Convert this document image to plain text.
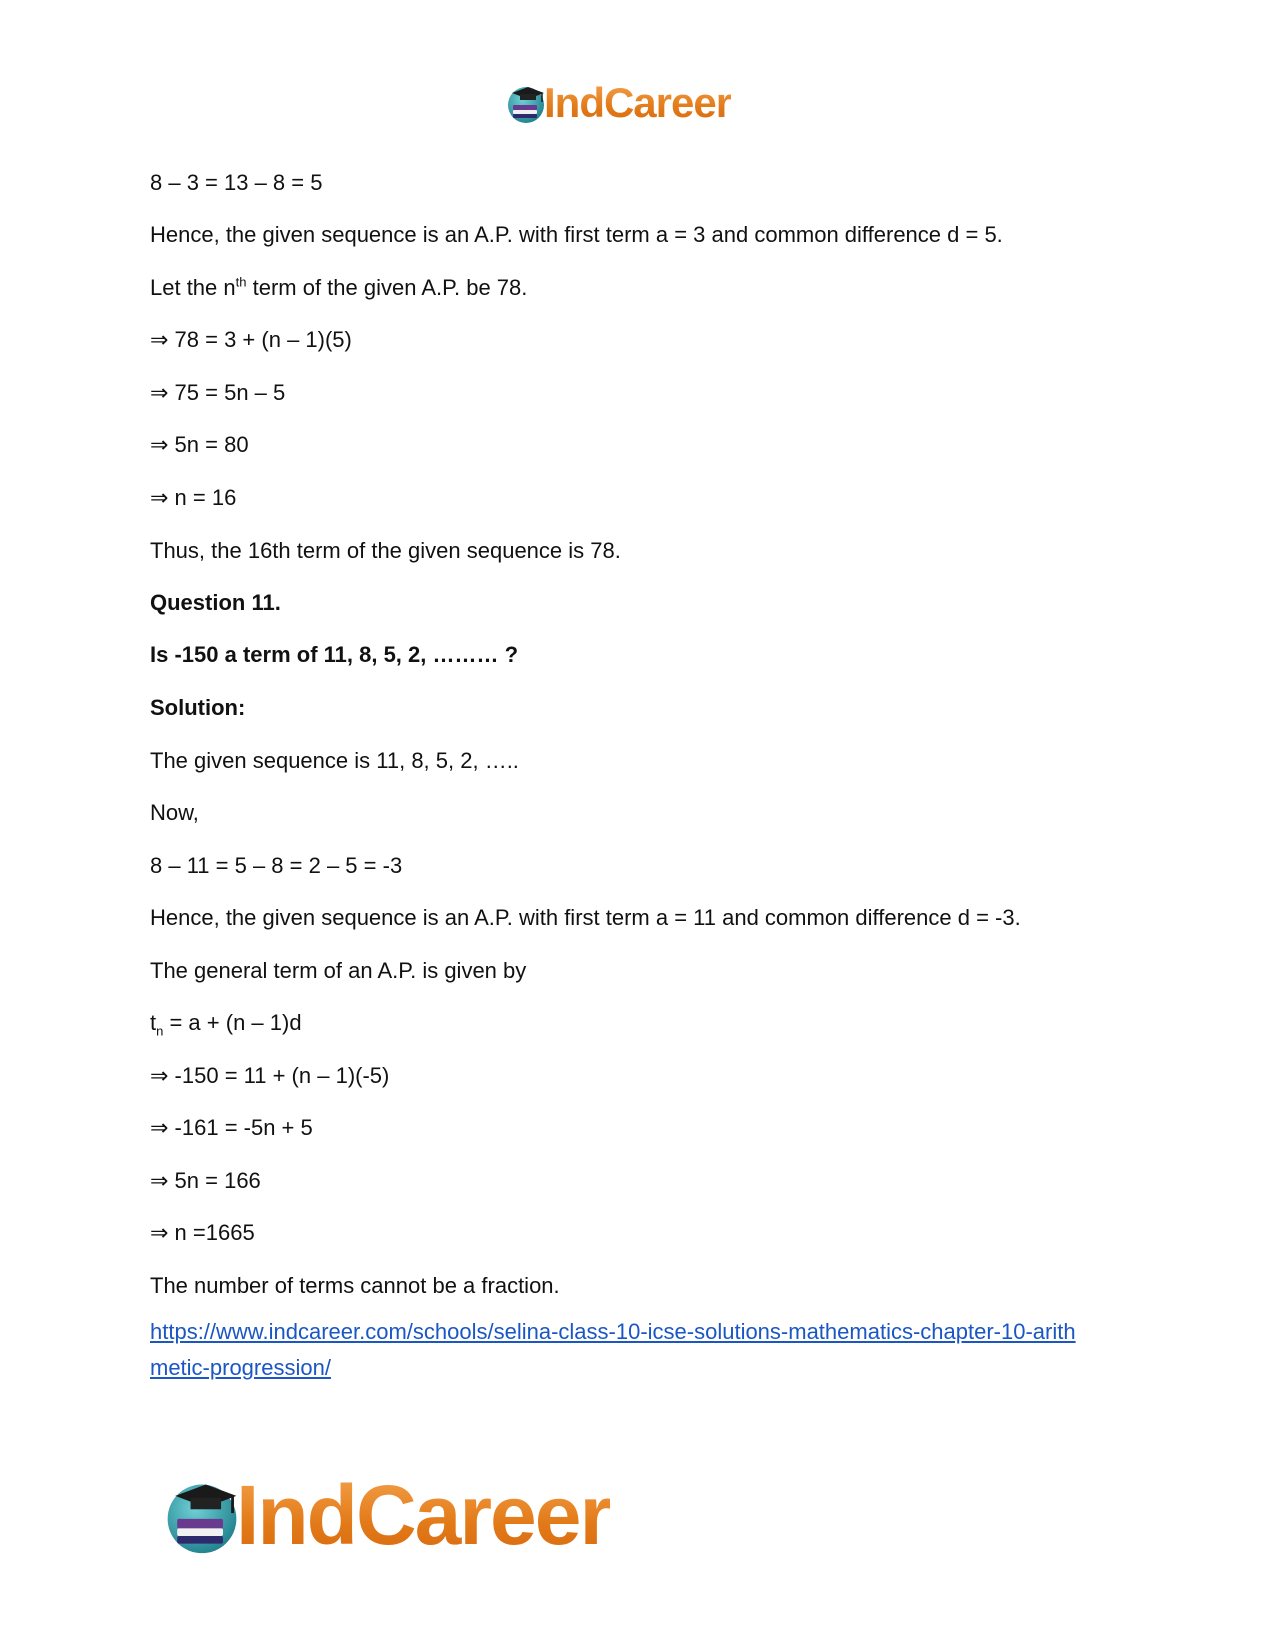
IndCareer
8 – 3 = 13 – 8 = 5
Hence, the given sequence is an A.P. with first term a = 3 and common difference d = 5.
Let the $n^{th}$ term of the given A.P. be 78.
⇒ 78 = 3 + (n – 1)(5)
⇒ 75 = 5n – 5
⇒ 5n = 80
⇒ n = 16
Thus, the 16th term of the given sequence is 78.
Question 11.
Is -150 a term of 11, 8, 5, 2, ……… ?
Solution:
The given sequence is 11, 8, 5, 2, …..
Now,
8 – 11 = 5 – 8 = 2 – 5 = -3
Hence, the given sequence is an A.P. with first term a = 11 and common difference d = -3.
The general term of an A.P. is given by
$t_n = a + (n - 1)d$
⇒ -150 = 11 + (n – 1)(-5)
⇒ -161 = -5n + 5
⇒ 5n = 166
⇒ n =1665
The number of terms cannot be a fraction.
https://www.indcareer.com/schools/selina-class-10-icse-solutions-mathematics-chapter-10-arith
metic-progression/
IndCareer
